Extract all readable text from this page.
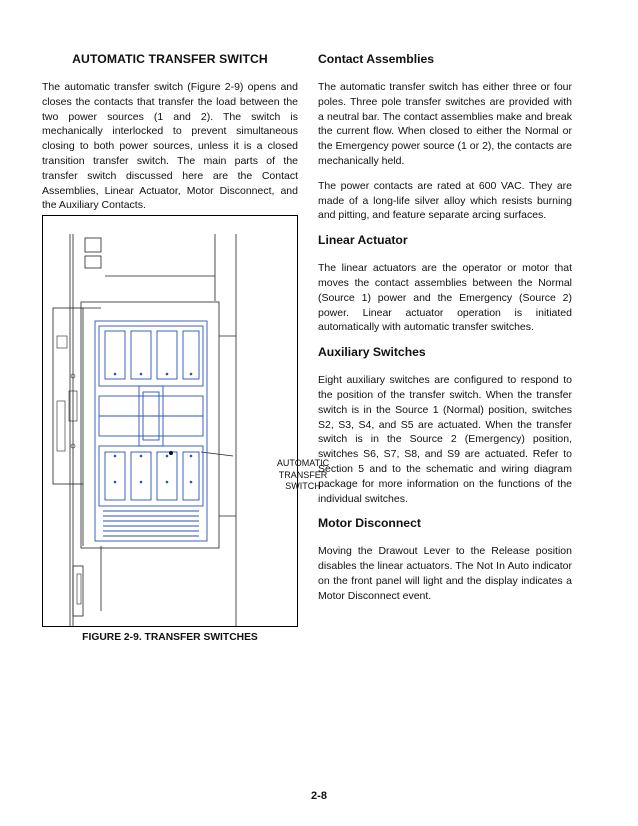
AUTOMATIC TRANSFER SWITCH

The automatic transfer switch (Figure 2-9) opens and closes the contacts that transfer the load between the two power sources (1 and 2). The switch is mechanically interlocked to prevent simultaneous closing to both power sources, unless it is a closed transition transfer switch. The main parts of the transfer switch discussed here are the Contact Assemblies, Linear Actuator, Motor Disconnect, and the Auxiliary Contacts.

AUTOMATIC TRANSFER SWITCH
FIGURE 2-9. TRANSFER SWITCHES
Contact Assemblies

The automatic transfer switch has either three or four poles. Three pole transfer switches are provided with a neutral bar. The contact assemblies make and break the current flow. When closed to either the Normal or the Emergency power source (1 or 2), the contacts are mechanically held.

The power contacts are rated at 600 VAC. They are made of a long-life silver alloy which resists burning and pitting, and feature separate arcing surfaces.

Linear Actuator

The linear actuators are the operator or motor that moves the contact assemblies between the Normal (Source 1) power and the Emergency (Source 2) power. Linear actuator operation is initiated automatically with automatic transfer switches.

Auxiliary Switches

Eight auxiliary switches are configured to respond to the position of the transfer switch. When the transfer switch is in the Source 1 (Normal) position, switches S2, S3, S4, and S5 are actuated. When the transfer switch is in the Source 2 (Emergency) position, switches S6, S7, S8, and S9 are actuated. Refer to Section 5 and to the schematic and wiring diagram package for more information on the functions of the individual switches.

Motor Disconnect

Moving the Drawout Lever to the Release position disables the linear actuators. The Not In Auto indicator on the front panel will light and the display indicates a Motor Disconnect event.

2-8
